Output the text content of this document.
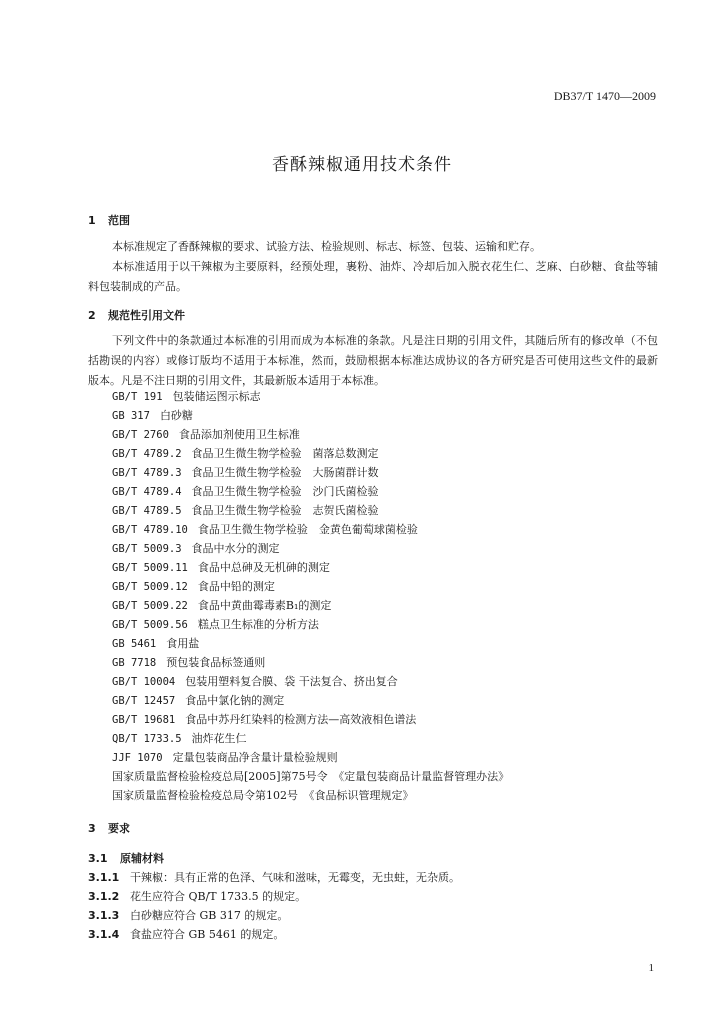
DB37/T 1470—2009
香酥辣椒通用技术条件
1 范围
本标准规定了香酥辣椒的要求、试验方法、检验规则、标志、标签、包装、运输和贮存。
本标准适用于以干辣椒为主要原料，经预处理，裹粉、油炸、冷却后加入脱衣花生仁、芝麻、白砂糖、食盐等辅料包装制成的产品。
2 规范性引用文件
下列文件中的条款通过本标准的引用而成为本标准的条款。凡是注日期的引用文件，其随后所有的修改单（不包括勘误的内容）或修订版均不适用于本标准，然而，鼓励根据本标准达成协议的各方研究是否可使用这些文件的最新版本。凡是不注日期的引用文件，其最新版本适用于本标准。
GB/T 191 包装储运图示标志
GB 317 白砂糖
GB/T 2760 食品添加剂使用卫生标准
GB/T 4789.2 食品卫生微生物学检验　菌落总数测定
GB/T 4789.3 食品卫生微生物学检验　大肠菌群计数
GB/T 4789.4 食品卫生微生物学检验　沙门氏菌检验
GB/T 4789.5 食品卫生微生物学检验　志贺氏菌检验
GB/T 4789.10 食品卫生微生物学检验　金黄色葡萄球菌检验
GB/T 5009.3 食品中水分的测定
GB/T 5009.11 食品中总砷及无机砷的测定
GB/T 5009.12 食品中铅的测定
GB/T 5009.22 食品中黄曲霉毒素B₁的测定
GB/T 5009.56 糕点卫生标准的分析方法
GB 5461 食用盐
GB 7718 预包装食品标签通则
GB/T 10004 包装用塑料复合膜、袋 干法复合、挤出复合
GB/T 12457 食品中氯化钠的测定
GB/T 19681 食品中苏丹红染料的检测方法—高效液相色谱法
QB/T 1733.5 油炸花生仁
JJF 1070 定量包装商品净含量计量检验规则
国家质量监督检验检疫总局[2005]第75号令　《定量包装商品计量监督管理办法》
国家质量监督检验检疫总局令第102号　《食品标识管理规定》
3 要求
3.1 原辅材料
3.1.1 干辣椒：具有正常的色泽、气味和滋味，无霉变，无虫蛀，无杂质。
3.1.2 花生应符合 QB/T 1733.5 的规定。
3.1.3 白砂糖应符合 GB 317 的规定。
3.1.4 食盐应符合 GB 5461 的规定。
1
